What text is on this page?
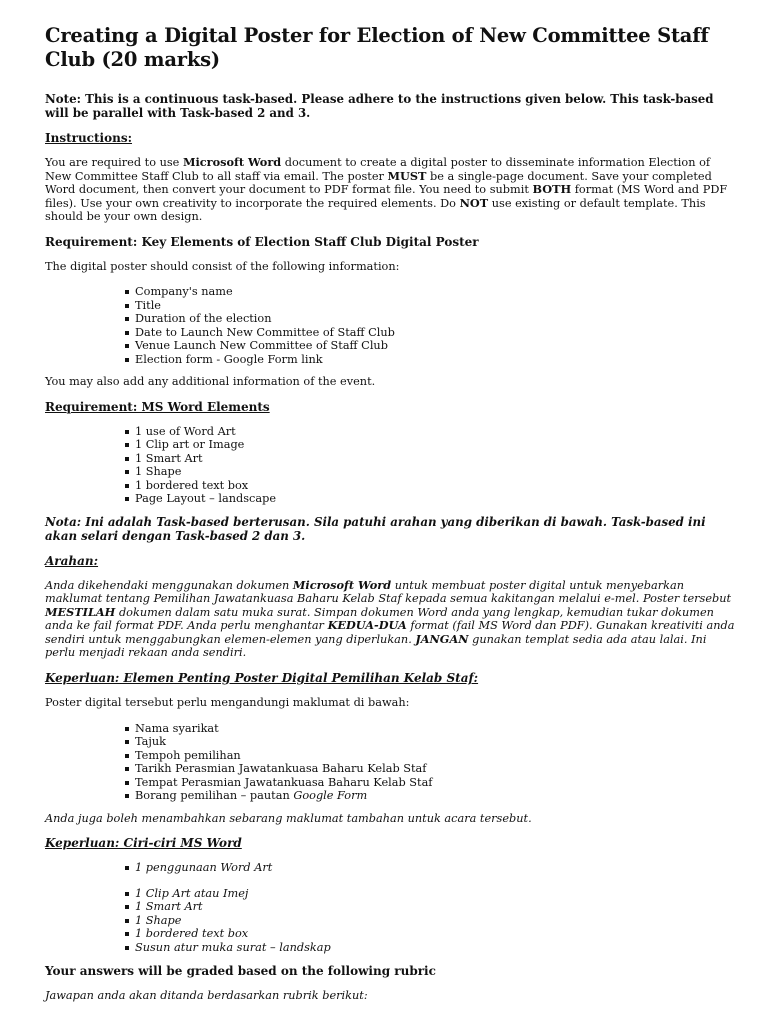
Creating a Digital Poster for Election of New Committee Staff Club (20 marks)

Note: This is a continuous task-based. Please adhere to the instructions given below. This task-based will be parallel with Task-based 2 and 3.

Instructions:

You are required to use Microsoft Word document to create a digital poster to disseminate information Election of New Committee Staff Club to all staff via email. The poster MUST be a single-page document. Save your completed Word document, then convert your document to PDF format file. You need to submit BOTH format (MS Word and PDF files). Use your own creativity to incorporate the required elements. Do NOT use existing or default template. This should be your own design.

Requirement: Key Elements of Election Staff Club Digital Poster

The digital poster should consist of the following information:

Company's name
Title
Duration of the election
Date to Launch New Committee of Staff Club
Venue Launch New Committee of Staff Club
Election form - Google Form link

You may also add any additional information of the event.

Requirement: MS Word Elements

1 use of Word Art
1 Clip art or Image
1 Smart Art
1 Shape
1 bordered text box
Page Layout – landscape

Nota: Ini adalah Task-based berterusan. Sila patuhi arahan yang diberikan di bawah. Task-based ini akan selari dengan Task-based 2 dan 3.

Arahan:

Anda dikehendaki menggunakan dokumen Microsoft Word untuk membuat poster digital untuk menyebarkan maklumat tentang Pemilihan Jawatankuasa Baharu Kelab Staf kepada semua kakitangan melalui e-mel. Poster tersebut MESTILAH dokumen dalam satu muka surat. Simpan dokumen Word anda yang lengkap, kemudian tukar dokumen anda ke fail format PDF. Anda perlu menghantar KEDUA-DUA format (fail MS Word dan PDF). Gunakan kreativiti anda sendiri untuk menggabungkan elemen-elemen yang diperlukan. JANGAN gunakan templat sedia ada atau lalai. Ini perlu menjadi rekaan anda sendiri.

Keperluan: Elemen Penting Poster Digital Pemilihan Kelab Staf:

Poster digital tersebut perlu mengandungi maklumat di bawah:

Nama syarikat
Tajuk
Tempoh pemilihan
Tarikh Perasmian Jawatankuasa Baharu Kelab Staf
Tempat Perasmian Jawatankuasa Baharu Kelab Staf
Borang pemilihan – pautan Google Form

Anda juga boleh menambahkan sebarang maklumat tambahan untuk acara tersebut.

Keperluan: Ciri-ciri MS Word

1 penggunaan Word Art
1 Clip Art atau Imej
1 Smart Art
1 Shape
1 bordered text box
Susun atur muka surat – landskap

Your answers will be graded based on the following rubric

Jawapan anda akan ditanda berdasarkan rubrik berikut:
